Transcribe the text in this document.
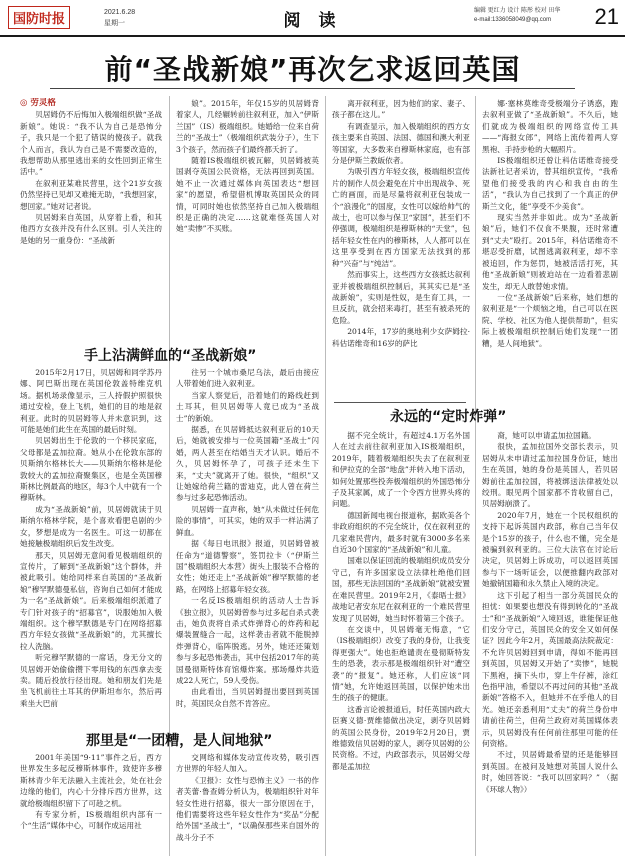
国防时报	2021.6.28
星期一	阅 读	编辑 更红力 设计 陈彤 校对 田华
e-mail:1336058049@qq.com	21
前“圣战新娘”再次乞求返回英国

◎ 劳灵格

贝居姆仍不后悔加入极端组织做“圣战新娘”。她说：“我不认为自己是恐怖分子，我只是一个犯了错误的傻孩子。就我个人而言，我认为自己是不需要改造的，我想帮助从那里逃出来的女性回到正常生活中。”

在叙利亚某难民营里，这个21岁女孩仍然坚持已见却又难掩无助，“我想回家，想回家。”她对记者说。

贝居姆来自英国，从穿着上看，和其他西方女孩并没有什么区别。引人关注的是她的另一重身份：“圣战新

娘”。2015年，年仅15岁的贝居姆背着家人，几经辗转前往叙利亚，加入“伊斯兰国”（IS）极端组织。她婚给一位来自荷兰的“圣战士”（极端组织武装分子），生下3个孩子，然而孩子们最终都夭折了。

随着IS极端组织被瓦解，贝居姆被英国剥夺英国公民资格，无法再回到英国。她不止一次通过媒体向英国表达“想回家”的愿望，希望借机博取英国民众的同情，可同时她也依然坚持自己加入极端组织是正确的决定……这就难怪英国人对她“卖惨”不买账。

手上沾满鲜血的“圣战新娘”

2015年2月17日，贝居姆和同学苏丹娜、阿巴斯出现在英国伦敦盖特维克机场。据机场录像显示，三人持假护照很快通过安检，登上飞机，她们的目的地是叙利亚。此时的贝居姆等人并未意识到，这可能是她们此生在英国的最后时刻。

贝居姆出生于伦敦的一个移民家庭，父母都是孟加拉裔。她从小在伦敦东部的贝斯纳尔格林长大——贝斯纳尔格林是伦敦较大的孟加拉裔聚集区，也是全英国穆斯林比例最高的地区，每3个人中就有一个穆斯林。

成为“圣战新娘”前，贝居姆就读于贝斯纳尔格林学院，是个喜欢看肥皂剧的少女，梦想是成为一名医生。可这一切都在她接触极端组织后发生改变。

那天，贝居姆无意间看见极端组织的宣传片，了解到“圣战新娘”这个群体，并被此吸引。她给同样来自英国的“圣战新娘”穆罕默德曼私信，咨询自己如何才能成为一名“圣战新娘”。后来极端组织派遣了专门针对孩子的“招募官”，说服她加入极端组织。这个穆罕默德是专门在网络招募西方年轻女孩做“圣战新娘”的，尤其擅长拉人洗脑。

听完穆罕默德的一席话，身无分文的贝居姆开始偷偷攒下零用钱的东西拿去变卖。随后投放行径出现。她和朋友们先是坐飞机前往土耳其的伊斯坦布尔，然后再乘坐大巴前

往另一个城市桑尼乌法，最后由接应人带着她们进入叙利亚。

当家人察觉后，沿着她们的路线赶到土耳其，但贝居姆等人竟已成为“圣战士”的新娘。

据悉，在贝居姆抵达叙利亚后的10天后，她就被安排与一位英国籍“圣战士”闪婚，两人甚至在结婚当天才认识。婚后不久，贝居姆怀孕了，可孩子还未生下来，“丈夫”就离开了她。很快，“组织”又让她嫁给荷兰籍的雷迪克，此人曾在荷兰参与过多起恐怖活动。

贝居姆一直声称，她“从未做过任何危险的事情”，可其实，她的双手一样沾满了鲜血。

据《每日电讯报》报道，贝居姆曾被任命为“道德警察”，签罚拉卡（“伊斯兰国”极端组织大本营）街头上服装不合格的女性；她还走上“圣战新娘”穆罕默德的老路，在网络上招募年轻女孩。

一名反IS极端组织的活动人士告诉《独立报》，贝居姆曾参与过多起自杀式袭击，她负责将自杀式炸弹背心的炸药和起爆装置缝合一起，这样袭击者就不能脱掉炸弹背心，临阵脱逃。另外，她还还策划参与多起恐怖袭击，其中包括2017年的英国曼彻斯特体育馆爆炸案。那场爆炸共造成22人死亡，59人受伤。

由此看出，当贝居姆提出要回到英国时，英国民众自然不肯答应。

那里是“一团糟，是人间地狱”

2001年美国“9·11”事件之后，西方世界发生多起反穆斯林事件，致使许多穆斯林青少年无法融入主流社会，处在社会边缘的他们，内心十分排斥西方世界，这就给极端组织留下了可趁之机。

有专家分析，IS极端组织内部有一个“生活”媒体中心，可制作成运用社

交网络和媒体发动宣传攻势，吸引西方世界的年轻人加入。

《卫报》：女性与恐怖主义》一书的作者芙蕾·鲁查姆分析认为，极端组织针对年轻女性进行招募，很大一部分原因在于，他们需要将这些年轻女性作为“奖品”分配给外国“圣战士”，“以确保那些来自国外的战斗分子不

离开叙利亚，因为他们的家、妻子、孩子都在这儿。”

有调查显示，加入极端组织的西方女孩主要来自英国、法国、德国和澳大利亚等国家，大多数来自穆斯林家庭，也有部分是伊斯兰教皈依者。

为吸引西方年轻女孩，极端组织宣传片的制作人员会避免在片中出现战争、死亡的画面，而是尽量将叙利亚包装成一个“浪漫化”的国度，女性可以嫁给帅气的战士，也可以参与保卫“家国”，甚至们不停强调，极端组织是穆斯林的“天堂”，包括年轻女性在内的穆斯林，人人都可以在这里享受到在西方国家无法找到的那种“兴奋”与“纯洁”。

然而事实上，这些西方女孩抵达叙利亚并被极端组织控制后，其其实已是“圣战新娘”，实则是性奴，是生育工具，一旦反抗，就会招来毒打，甚至有被杀死的危险。

2014年，17岁的奥地利少女萨姆拉·科估诺维奇和16岁的萨比

娜·塞林莫维奇受极端分子诱惑，跑去叙利亚做了“圣战新娘”。不久后，她们就成为极端组织的网络宣传工具——“海报女郎”，网络上流传着两人穿黑袍、手持步枪的大幅照片。

IS极端组织还曾让科估诺维奇接受法新社记者采访，替其组织宣传，“我希望他们接受我的内心和我自由的生活”，“我认为自己找到了一个真正的伊斯兰文化，能”享受不少美食”。

现实当然并非如此。成为“圣战新娘”后，她们不仅食不果腹，还时常遭到“丈夫”殴打。2015年，科估诺维奇不堪忍受折磨，试图逃离叙利亚，却不幸被追回，作为惩罚，她被活活打死，其他“圣战新娘”则被迫站在一边看着悲剧发生，却无人敢替她求情。

一位“圣战新娘”后来称，她们想的叙利亚是“一个烦恼之地，自己可以在医院、学校、社区为他人提供帮助”，但实际上被极端组织控制后她们发现“一团糟，是人间地狱”。

永远的“定时炸弹”

据不完全统计，有超过4.1万名外国人在过去前往叙利亚加入IS极端组织，2019年，随着极端组织失去了在叙利亚和伊拉克的全部“地盘”并转入地下活动，如何处置那些投奔极端组织的外国恐怖分子及其家属，成了一个令西方世界头疼的问题。

德国新闻电视台报道称，据欧美各个非政府组织的不完全统计，仅在叙利亚的几家难民营内，最多时就有3000多名来自近30个国家的“圣战新娘”和儿童。

国难以保证回流的极端组织成员安分守己，有许多国家设立法律杜绝他们回国，那些无法回国的“圣战新娘”就被安置在难民营里。2019年2月，《泰晤士报》战地记者安东尼在叙利亚的一个难民营里发现了贝居姆，她当时怀着第三个孩子。

在交谈中，贝居姆毫无悔意，“它（IS极端组织）改变了我的身份，让我变得更强大”。她也拒绝谴责在曼彻斯特发生的恐袭，表示那是极端组织针对“遭空袭”的“报复”。她还称，人们应该“同情”她，允许她返回英国，以保护她未出生的孩子的健康。

这番言论被报道后，时任英国内政大臣赛义德·贾维德做出决定，剥夺贝居姆的英国公民身份，2019年2月20日，贾维德致信贝居姆的家人，剥夺贝居姆的公民资格。不过，内政部表示，贝居姆父母都是孟加拉

裔，她可以申请孟加拉国籍。

很快，孟加拉国外交部长表示，贝居姆从未申请过孟加拉国身份证，她出生在英国，她的身份是英国人，若贝居姆前往孟加拉国，将被绑送法律被处以绞刑。眼见两个国家都不肯收留自己，贝居姆崩溃了。

2020年7月，她在一个民权组织的支持下起诉英国内政部，称自己当年仅是个15岁的孩子，什么也不懂，完全是被骗到叙利亚的。三位大法官在讨论后决定，贝居姆上诉成功，可以返回英国参与下一场听证会，以便推翻内政部对她撤销国籍和永久禁止入境的决定。

这下引起了相当一部分英国民众的担忧：如果要也想没有得到转化的“圣战士”和“圣战新娘”入境回返，谁能保证他们安分守己，英国民众的安全又如何保证？因此今年2月，英国最高法院裁定：不允许贝居姆回到申请，得如不能再回到英国，贝居姆又开始了“卖惨”，她脱下黑袍，摘下头巾，穿上牛仔裤，涂红色指甲油，希望以不再过问的其他“圣战新娘”答格不入，但她并不在乎他人的目光。她还亲悉利用“丈夫”的荷兰身份申请前往荷兰，但荷兰政府对英国媒体表示，贝居姆没有任何前往那里可能的任何资格。

不过，贝居姆最希望的还是能够回到英国。在被问及她想对英国人说什么时，她回答说：“我可以回家吗？” （据《环球人物》）
